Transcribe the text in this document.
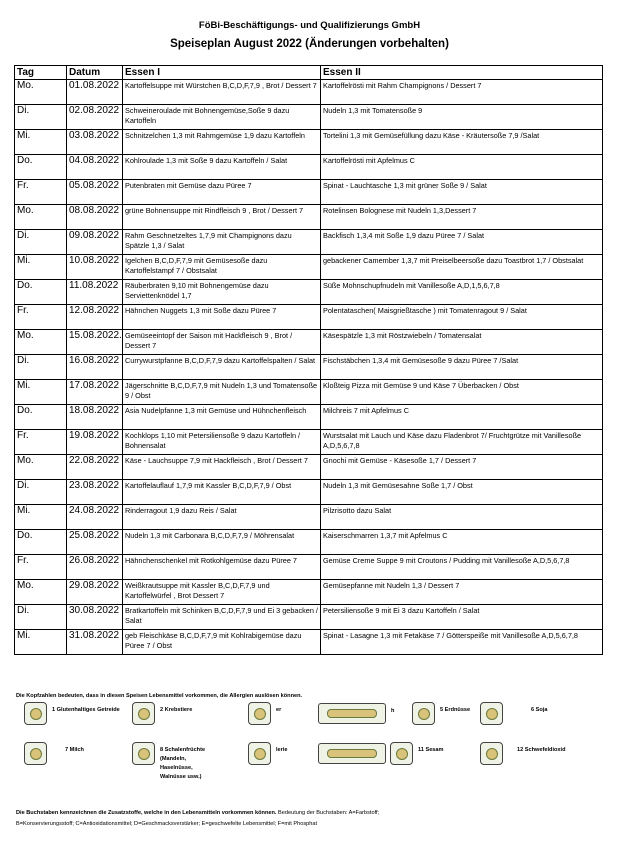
FöBi-Beschäftigungs- und Qualifizierungs GmbH
Speiseplan August 2022 (Änderungen vorbehalten)
Tag	Datum	Essen I	Essen II
Mo.	01.08.2022	Kartoffelsuppe mit Würstchen B,C,D,F,7,9 , Brot / Dessert 7	Kartoffelrösti mit Rahm Champignons / Dessert 7
Di.	02.08.2022	Schweineroulade mit Bohnengemüse,Soße 9 dazu Kartoffeln	Nudeln 1,3 mit Tomatensoße 9
Mi.	03.08.2022	Schnitzelchen 1,3 mit Rahmgemüse 1,9 dazu Kartoffeln	Tortelini 1,3 mit Gemüsefüllung dazu Käse - Kräutersoße 7,9 /Salat
Do.	04.08.2022	Kohlroulade 1,3 mit Soße 9 dazu Kartoffeln / Salat	Kartoffelrösti mit Apfelmus C
Fr.	05.08.2022	Putenbraten mit Gemüse dazu Püree 7	Spinat - Lauchtasche 1,3 mit grüner Soße 9 / Salat
Mo.	08.08.2022	grüne Bohnensuppe mit Rindfleisch 9 , Brot / Dessert 7	Rotelinsen Bolognese mit Nudeln 1,3,Dessert 7
Di.	09.08.2022	Rahm Geschnetzeltes 1,7,9 mit Champignons dazu Spätzle 1,3 / Salat	Backfisch 1,3,4 mit Soße 1,9 dazu Püree 7 / Salat
Mi.	10.08.2022	Igelchen B,C,D,F,7,9 mit Gemüsesoße dazu Kartoffelstampf 7 / Obstsalat	gebackener Camember 1,3,7 mit Preiselbeersoße dazu Toastbrot 1,7 / Obstsalat
Do.	11.08.2022	Räuberbraten 9,10 mit Bohnengemüse dazu Serviettenknödel 1,7	Süße Mohnschupfnudeln mit Vanillesoße A,D,1,5,6,7,8
Fr.	12.08.2022	Hähnchen Nuggets 1,3 mit Soße dazu Püree 7	Polentataschen( Maisgrießtasche ) mit Tomatenragout 9 / Salat
Mo.	15.08.2022.	Gemüseeintopf der Saison mit Hackfleisch 9 , Brot / Dessert 7	Käsespätzle 1,3 mit Röstzwiebeln / Tomatensalat
Di.	16.08.2022	Currywurstpfanne B,C,D,F,7,9 dazu Kartoffelspalten / Salat	Fischstäbchen 1,3,4 mit Gemüsesoße 9 dazu Püree 7 /Salat
Mi.	17.08.2022	Jägerschnitte B,C,D,F,7,9 mit Nudeln 1,3 und Tomatensoße 9 / Obst	Kloßteig Pizza mit Gemüse 9 und Käse 7 Überbacken / Obst
Do.	18.08.2022	Asia Nudelpfanne 1,3 mit Gemüse und Hühnchenfleisch	Milchreis 7 mit Apfelmus C
Fr.	19.08.2022	Kochklops 1,10 mit Petersiliensoße 9 dazu Kartoffeln / Bohnensalat	Wurstsalat mit Lauch und Käse dazu Fladenbrot 7/ Fruchtgrütze mit Vanillesoße A,D,5,6,7,8
Mo.	22.08.2022	Käse - Lauchsuppe 7,9 mit Hackfleisch , Brot / Dessert 7	Gnochi mit Gemüse - Käsesoße 1,7 / Dessert 7
Di.	23.08.2022	Kartoffelauflauf 1,7,9 mit Kassler B,C,D,F,7,9 / Obst	Nudeln 1,3 mit Gemüsesahne Soße 1,7 / Obst
Mi.	24.08.2022	Rinderragout 1,9 dazu Reis / Salat	Pilzrisotto dazu Salat
Do.	25.08.2022	Nudeln 1,3 mit Carbonara B,C,D,F,7,9 / Möhrensalat	Kaiserschmarren 1,3,7 mit Apfelmus C
Fr.	26.08.2022	Hähnchenschenkel mit Rotkohlgemüse dazu Püree 7	Gemüse Creme Suppe 9 mit Croutons / Pudding mit Vanillesoße A,D,5,6,7,8
Mo.	29.08.2022	Weißkrautsuppe mit Kassler B,C,D,F,7,9 und Kartoffelwürfel , Brot Dessert 7	Gemüsepfanne mit Nudeln 1,3 / Dessert 7
Di.	30.08.2022	Bratkartoffeln mit Schinken B,C,D,F,7,9 und Ei 3 gebacken / Salat	Petersiliensoße 9 mit Ei 3 dazu Kartoffeln / Salat
Mi.	31.08.2022	geb Fleischkäse B,C,D,F,7,9 mit Kohlrabigemüse dazu Püree 7 / Obst	Spinat - Lasagne 1,3 mit Fetakäse 7 / Götterspeiße mit Vanillesoße A,D,5,6,7,8
Die Kopfzahlen bedeuten, dass in diesen Speisen Lebensmittel vorkommen, die Allergien auslösen können.
1 Glutenhaltiges Getreide	2 Krebstiere	er	h	5 Erdnüsse	6 Soja
7 Milch	8 Schalenfrüchte
(Mandeln,
Haselnüsse,
Walnüsse usw.)
lerie	11 Sesam	12 Schwefeldioxid
Die Buchstaben kennzeichnen die Zusatzstoffe, welche in den Lebensmitteln vorkommen können. Bedeutung der Buchstaben: A=Farbstoff;
B=Konservierungsstoff; C=Antioxidationsmittel; D=Geschmacksverstärker; E=geschwefelte Lebensmittel; F=mit Phosphat
